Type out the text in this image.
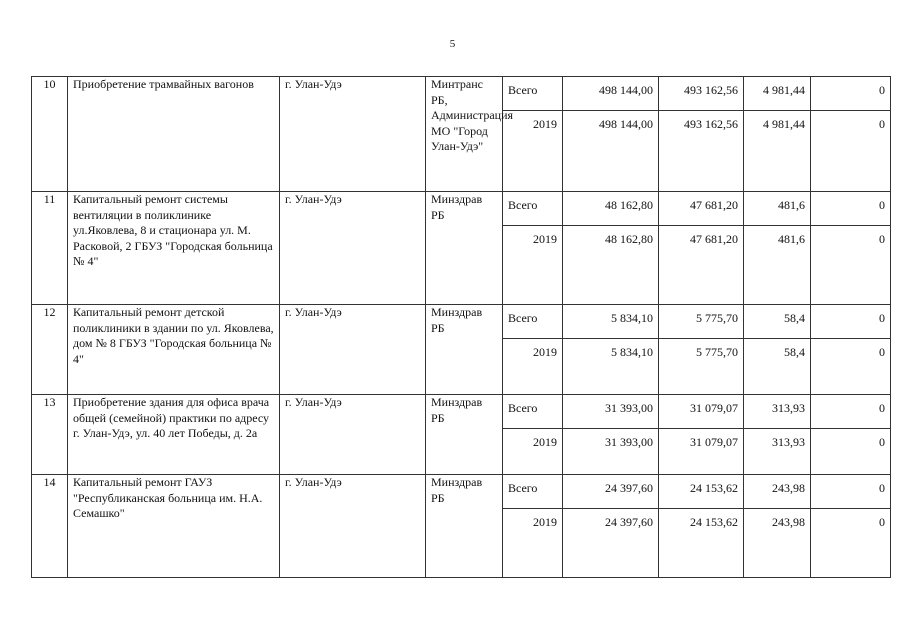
5
10	Приобретение трамвайных вагонов	г. Улан-Удэ	Минтранс РБ, Администрация МО "Город Улан-Удэ"	Всего	498 144,00	493 162,56	4 981,44	0
				2019	498 144,00	493 162,56	4 981,44	0
11	Капитальный ремонт системы вентиляции в поликлинике ул.Яковлева, 8 и стационара ул. М. Расковой, 2 ГБУЗ "Городская больница № 4"	г. Улан-Удэ	Минздрав РБ	Всего	48 162,80	47 681,20	481,6	0
				2019	48 162,80	47 681,20	481,6	0
12	Капитальный ремонт детской поликлиники в здании по ул. Яковлева, дом № 8 ГБУЗ "Городская больница № 4"	г. Улан-Удэ	Минздрав РБ	Всего	5 834,10	5 775,70	58,4	0
				2019	5 834,10	5 775,70	58,4	0
13	Приобретение здания для офиса врача общей (семейной) практики по адресу г. Улан-Удэ, ул. 40 лет Победы, д. 2а	г. Улан-Удэ	Минздрав РБ	Всего	31 393,00	31 079,07	313,93	0
				2019	31 393,00	31 079,07	313,93	0
14	Капитальный ремонт ГАУЗ "Республиканская больница им. Н.А. Семашко"	г. Улан-Удэ	Минздрав РБ	Всего	24 397,60	24 153,62	243,98	0
				2019	24 397,60	24 153,62	243,98	0
